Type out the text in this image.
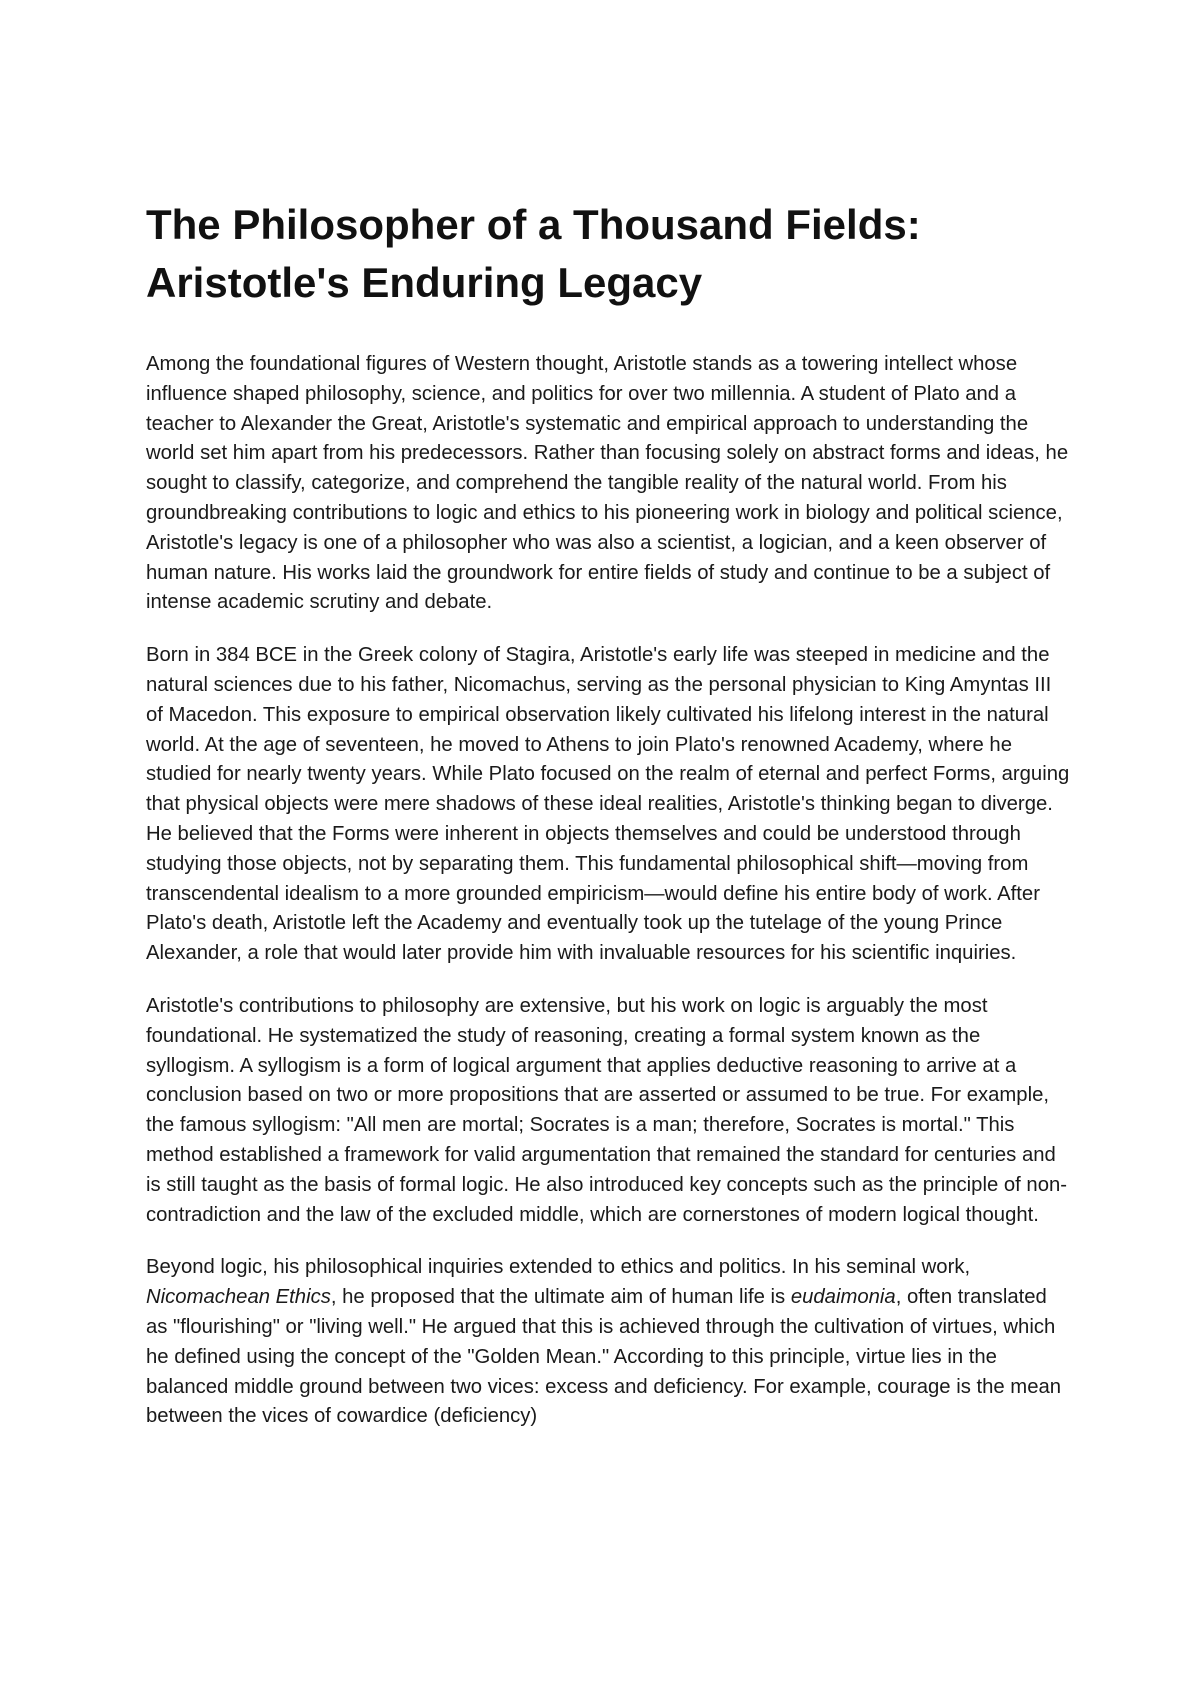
The Philosopher of a Thousand Fields:
Aristotle's Enduring Legacy

Among the foundational figures of Western thought, Aristotle stands as a towering intellect whose influence shaped philosophy, science, and politics for over two millennia. A student of Plato and a teacher to Alexander the Great, Aristotle's systematic and empirical approach to understanding the world set him apart from his predecessors. Rather than focusing solely on abstract forms and ideas, he sought to classify, categorize, and comprehend the tangible reality of the natural world. From his groundbreaking contributions to logic and ethics to his pioneering work in biology and political science, Aristotle's legacy is one of a philosopher who was also a scientist, a logician, and a keen observer of human nature. His works laid the groundwork for entire fields of study and continue to be a subject of intense academic scrutiny and debate.

Born in 384 BCE in the Greek colony of Stagira, Aristotle's early life was steeped in medicine and the natural sciences due to his father, Nicomachus, serving as the personal physician to King Amyntas III of Macedon. This exposure to empirical observation likely cultivated his lifelong interest in the natural world. At the age of seventeen, he moved to Athens to join Plato's renowned Academy, where he studied for nearly twenty years. While Plato focused on the realm of eternal and perfect Forms, arguing that physical objects were mere shadows of these ideal realities, Aristotle's thinking began to diverge. He believed that the Forms were inherent in objects themselves and could be understood through studying those objects, not by separating them. This fundamental philosophical shift—moving from transcendental idealism to a more grounded empiricism—would define his entire body of work. After Plato's death, Aristotle left the Academy and eventually took up the tutelage of the young Prince Alexander, a role that would later provide him with invaluable resources for his scientific inquiries.

Aristotle's contributions to philosophy are extensive, but his work on logic is arguably the most foundational. He systematized the study of reasoning, creating a formal system known as the syllogism. A syllogism is a form of logical argument that applies deductive reasoning to arrive at a conclusion based on two or more propositions that are asserted or assumed to be true. For example, the famous syllogism: "All men are mortal; Socrates is a man; therefore, Socrates is mortal." This method established a framework for valid argumentation that remained the standard for centuries and is still taught as the basis of formal logic. He also introduced key concepts such as the principle of non-contradiction and the law of the excluded middle, which are cornerstones of modern logical thought.

Beyond logic, his philosophical inquiries extended to ethics and politics. In his seminal work, Nicomachean Ethics, he proposed that the ultimate aim of human life is eudaimonia, often translated as "flourishing" or "living well." He argued that this is achieved through the cultivation of virtues, which he defined using the concept of the "Golden Mean." According to this principle, virtue lies in the balanced middle ground between two vices: excess and deficiency. For example, courage is the mean between the vices of cowardice (deficiency)
